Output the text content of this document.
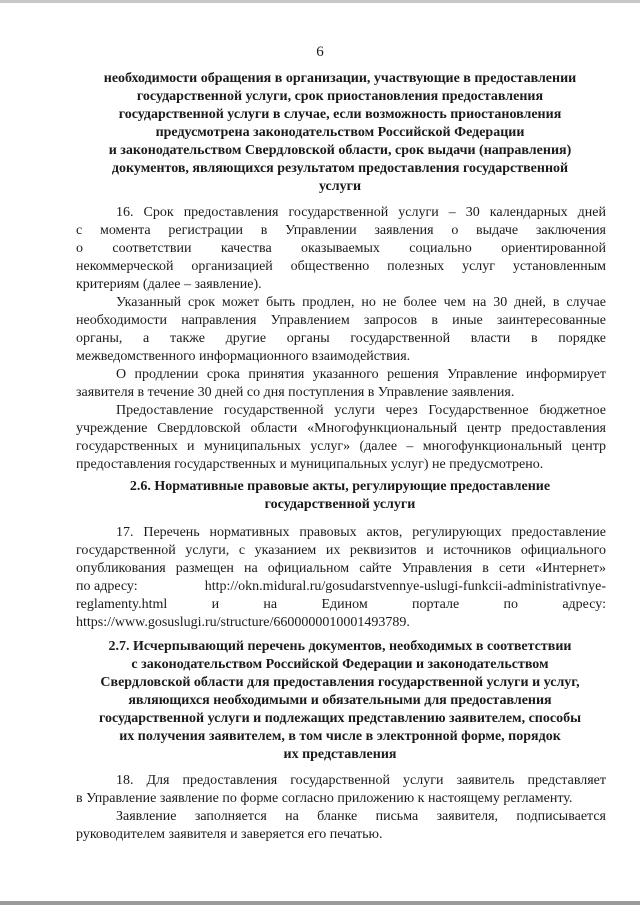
6
необходимости обращения в организации, участвующие в предоставлении
государственной услуги, срок приостановления предоставления
государственной услуги в случае, если возможность приостановления
предусмотрена законодательством Российской Федерации
и законодательством Свердловской области, срок выдачи (направления)
документов, являющихся результатом предоставления государственной
услуги
16. Срок предоставления государственной услуги – 30 календарных дней
с момента регистрации в Управлении заявления о выдаче заключения
о соответствии качества оказываемых социально ориентированной
некоммерческой организацией общественно полезных услуг установленным
критериям (далее – заявление).
Указанный срок может быть продлен, но не более чем на 30 дней, в случае
необходимости направления Управлением запросов в иные заинтересованные
органы, а также другие органы государственной власти в порядке
межведомственного информационного взаимодействия.
О продлении срока принятия указанного решения Управление информирует
заявителя в течение 30 дней со дня поступления в Управление заявления.
Предоставление государственной услуги через Государственное бюджетное
учреждение Свердловской области «Многофункциональный центр предоставления
государственных и муниципальных услуг» (далее – многофункциональный центр
предоставления государственных и муниципальных услуг) не предусмотрено.
2.6. Нормативные правовые акты, регулирующие предоставление
государственной услуги
17. Перечень нормативных правовых актов, регулирующих предоставление
государственной услуги, с указанием их реквизитов и источников официального
опубликования размещен на официальном сайте Управления в сети «Интернет»
по адресу:	http://okn.midural.ru/gosudarstvennye-uslugi-funkcii-administrativnye-
reglamenty.html	и	на	Едином	портале	по	адресу:
https://www.gosuslugi.ru/structure/6600000010001493789.
2.7. Исчерпывающий перечень документов, необходимых в соответствии
с законодательством Российской Федерации и законодательством
Свердловской области для предоставления государственной услуги и услуг,
являющихся необходимыми и обязательными для предоставления
государственной услуги и подлежащих представлению заявителем, способы
их получения заявителем, в том числе в электронной форме, порядок
их представления
18. Для предоставления государственной услуги заявитель представляет
в Управление заявление по форме согласно приложению к настоящему регламенту.
Заявление заполняется на бланке письма заявителя, подписывается
руководителем заявителя и заверяется его печатью.
